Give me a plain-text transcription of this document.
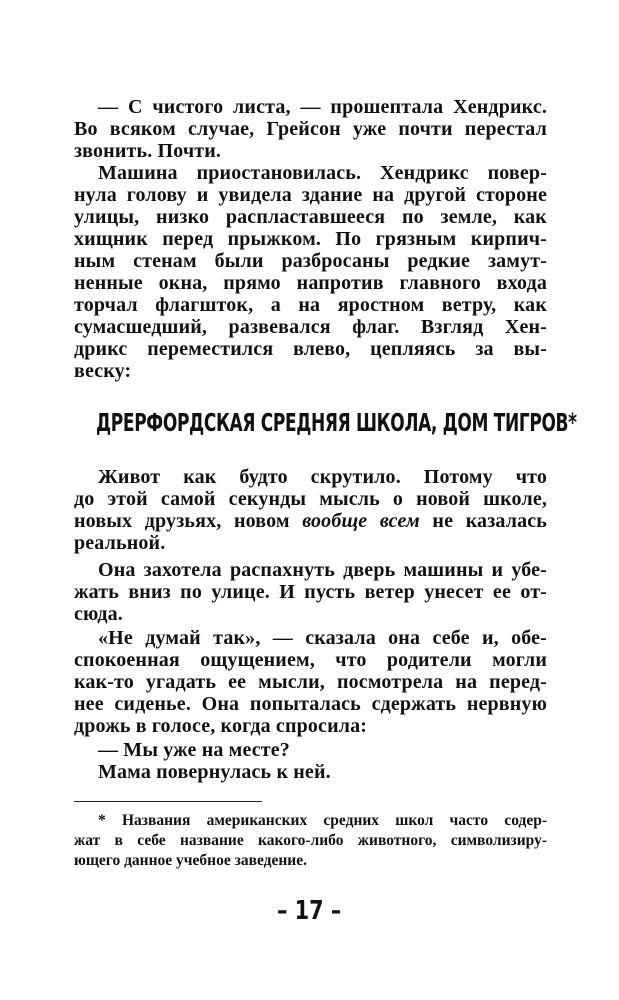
— С чистого листа, — прошептала Хендрикс.
Во всяком случае, Грейсон уже почти перестал
звонить. Почти.
Машина приостановилась. Хендрикс повер-
нула голову и увидела здание на другой стороне
улицы, низко распластавшееся по земле, как
хищник перед прыжком. По грязным кирпич-
ным стенам были разбросаны редкие замут-
ненные окна, прямо напротив главного входа
торчал флагшток, а на яростном ветру, как
сумасшедший, развевался флаг. Взгляд Хен-
дрикс переместился влево, цепляясь за вы-
веску:
ДРЕРФОРДСКАЯ СРЕДНЯЯ ШКОЛА, ДОМ ТИГРОВ*
Живот как будто скрутило. Потому что
до этой самой секунды мысль о новой школе,
новых друзьях, новом вообще всем не казалась
реальной.
Она захотела распахнуть дверь машины и убе-
жать вниз по улице. И пусть ветер унесет ее от-
сюда.
«Не думай так», — сказала она себе и, обе-
спокоенная ощущением, что родители могли
как-то угадать ее мысли, посмотрела на перед-
нее сиденье. Она попыталась сдержать нервную
дрожь в голосе, когда спросила:
— Мы уже на месте?
Мама повернулась к ней.
* Названия американских средних школ часто содер-
жат в себе название какого-либо животного, символизиру-
ющего данное учебное заведение.
– 17 –
